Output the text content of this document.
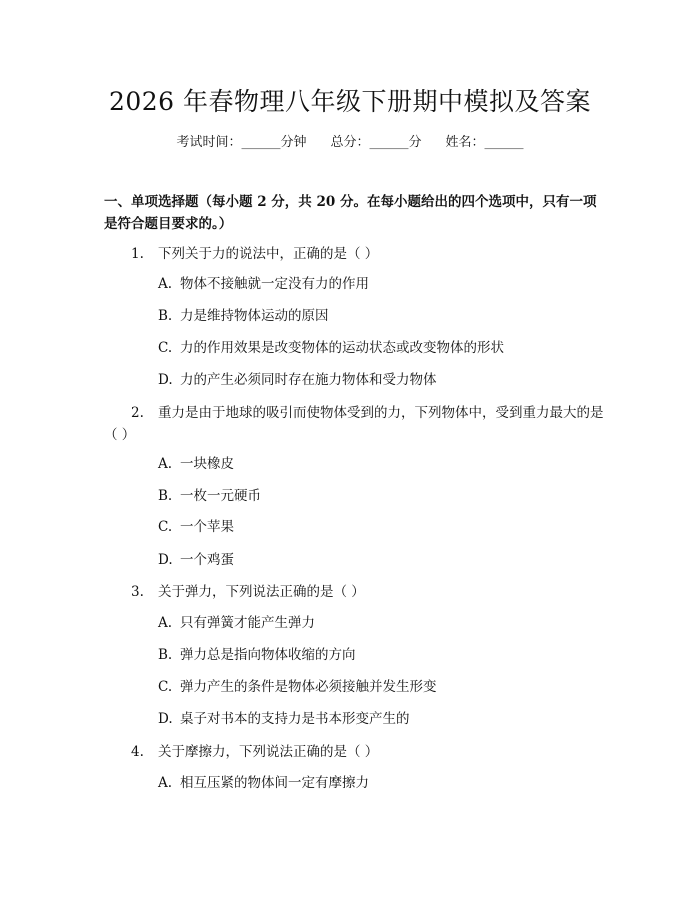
2026 年春物理八年级下册期中模拟及答案
考试时间：______分钟 总分：______分 姓名：______
一、单项选择题（每小题 2 分，共 20 分。在每小题给出的四个选项中，只有一项是符合题目要求的。）
1. 下列关于力的说法中，正确的是（ ）
A. 物体不接触就一定没有力的作用
B. 力是维持物体运动的原因
C. 力的作用效果是改变物体的运动状态或改变物体的形状
D. 力的产生必须同时存在施力物体和受力物体
2. 重力是由于地球的吸引而使物体受到的力，下列物体中，受到重力最大的是（ ）
A. 一块橡皮
B. 一枚一元硬币
C. 一个苹果
D. 一个鸡蛋
3. 关于弹力，下列说法正确的是（ ）
A. 只有弹簧才能产生弹力
B. 弹力总是指向物体收缩的方向
C. 弹力产生的条件是物体必须接触并发生形变
D. 桌子对书本的支持力是书本形变产生的
4. 关于摩擦力，下列说法正确的是（ ）
A. 相互压紧的物体间一定有摩擦力
